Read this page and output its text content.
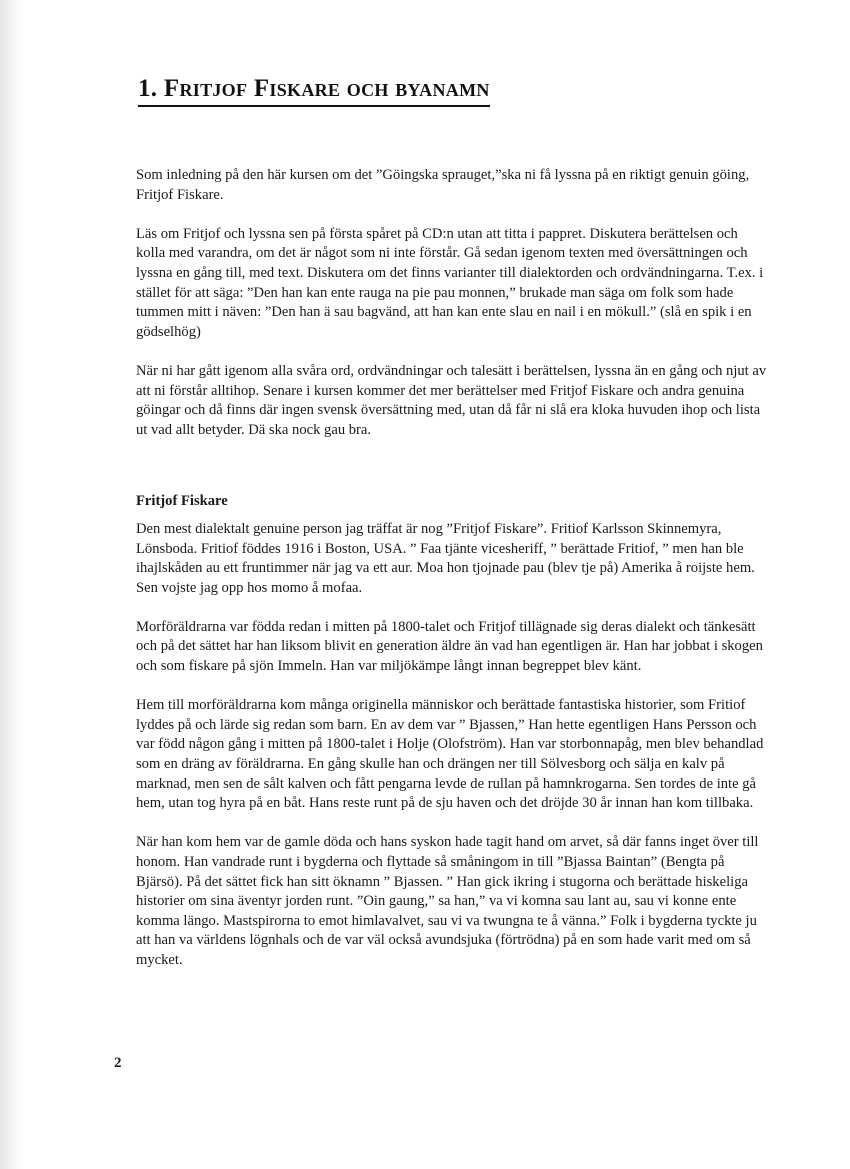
1. Fritjof Fiskare och byanamn

Som inledning på den här kursen om det ”Göingska sprauget,”ska ni få lyssna på en riktigt genuin göing, Fritjof Fiskare.

Läs om Fritjof och lyssna sen på första spåret på CD:n utan att titta i pappret. Diskutera berättelsen och kolla med varandra, om det är något som ni inte förstår. Gå sedan igenom texten med översättningen och lyssna en gång till, med text. Diskutera om det finns varianter till dialektorden och ordvändningarna. T.ex. i stället för att säga: ”Den han kan ente rauga na pie pau monnen,” brukade man säga om folk som hade tummen mitt i näven: ”Den han ä sau bagvänd, att han kan ente slau en nail i en mökull.” (slå en spik i en gödselhög)

När ni har gått igenom alla svåra ord, ordvändningar och talesätt i berättelsen, lyssna än en gång och njut av att ni förstår alltihop. Senare i kursen kommer det mer berättelser med Fritjof Fiskare och andra genuina göingar och då finns där ingen svensk översättning med, utan då får ni slå era kloka huvuden ihop och lista ut vad allt betyder. Dä ska nock gau bra.

Fritjof Fiskare

Den mest dialektalt genuine person jag träffat är nog ”Fritjof Fiskare”. Fritiof Karlsson Skinnemyra, Lönsboda. Fritiof föddes 1916 i Boston, USA. ” Faa tjänte vicesheriff, ” berättade Fritiof, ” men han ble ihajlskåden au ett fruntimmer när jag va ett aur. Moa hon tjojnade pau (blev tje på) Amerika å roijste hem. Sen vojste jag opp hos momo å mofaa.

Morföräldrarna var födda redan i mitten på 1800-talet och Fritjof tillägnade sig deras dialekt och tänkesätt och på det sättet har han liksom blivit en generation äldre än vad han egentligen är. Han har jobbat i skogen och som fiskare på sjön Immeln. Han var miljökämpe långt innan begreppet blev känt.

Hem till morföräldrarna kom många originella människor och berättade fantastiska historier, som Fritiof lyddes på och lärde sig redan som barn. En av dem var ” Bjassen,” Han hette egentligen Hans Persson och var född någon gång i mitten på 1800-talet i Holje (Olofström). Han var storbonnapåg, men blev behandlad som en dräng av föräldrarna. En gång skulle han och drängen ner till Sölvesborg och sälja en kalv på marknad, men sen de sålt kalven och fått pengarna levde de rullan på hamnkrogarna. Sen tordes de inte gå hem, utan tog hyra på en båt. Hans reste runt på de sju haven och det dröjde 30 år innan han kom tillbaka.

När han kom hem var de gamle döda och hans syskon hade tagit hand om arvet, så där fanns inget över till honom. Han vandrade runt i bygderna och flyttade så småningom in till ”Bjassa Baintan” (Bengta på Bjärsö). På det sättet fick han sitt öknamn ” Bjassen. ” Han gick ikring i stugorna och berättade hiskeliga historier om sina äventyr jorden runt. ”Oin gaung,” sa han,” va vi komna sau lant au, sau vi konne ente komma längo. Mastspirorna to emot himlavalvet, sau vi va twungna te å vänna.” Folk i bygderna tyckte ju att han va världens lögnhals och de var väl också avundsjuka (förtrödna) på en som hade varit med om så mycket.

2
